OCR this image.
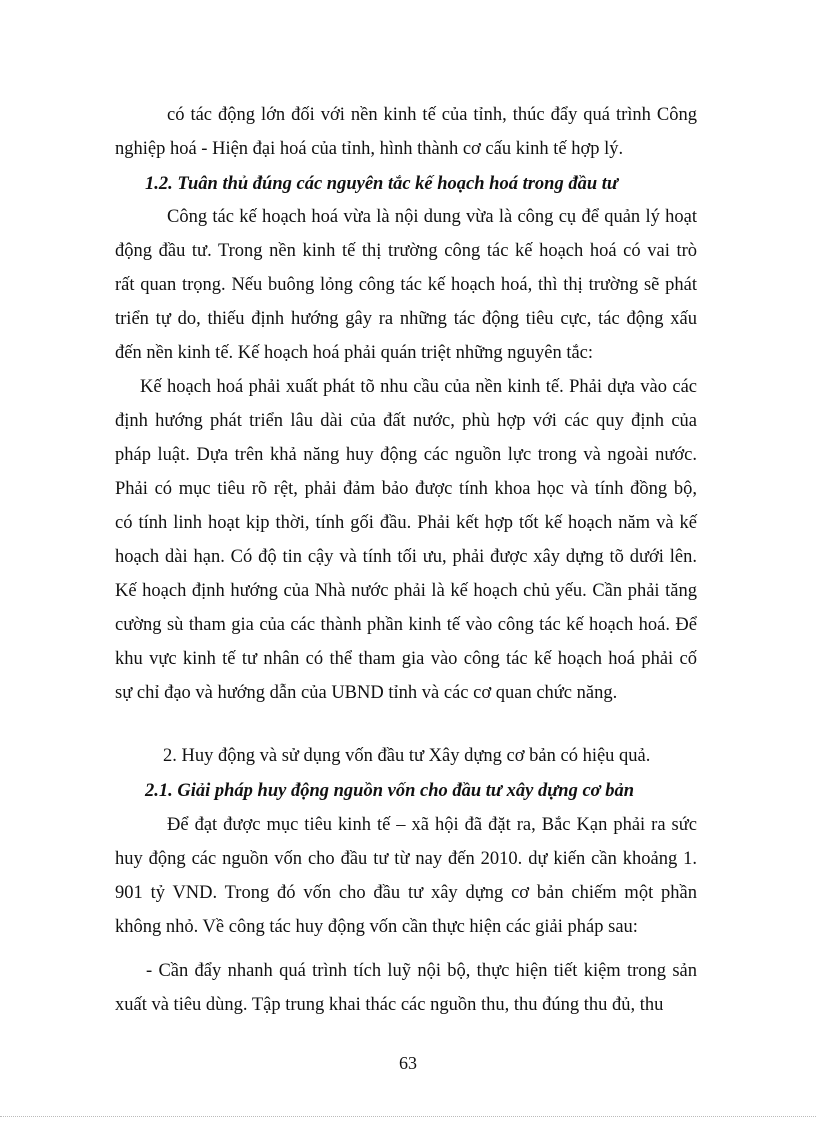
có tác động lớn đối với nền kinh tế của tỉnh, thúc đẩy quá trình Công
nghiệp hoá - Hiện đại hoá của tỉnh, hình thành cơ cấu kinh tế hợp lý.
1.2. Tuân thủ đúng các nguyên tắc kế hoạch hoá trong đầu tư
Công tác kế hoạch hoá vừa là nội dung vừa là công cụ để quản lý hoạt
động đầu tư. Trong nền kinh tế thị trường công tác kế hoạch hoá có vai trò
rất quan trọng. Nếu buông lỏng công tác kế hoạch hoá, thì thị trường sẽ phát
triển tự do, thiếu định hướng gây ra những tác động tiêu cực, tác động xấu
đến nền kinh tế. Kế hoạch hoá phải quán triệt những nguyên tắc:
Kế hoạch hoá phải xuất phát tõ nhu cầu của nền kinh tế. Phải dựa vào các
định hướng phát triển lâu dài của đất nước, phù hợp với các quy định của
pháp luật. Dựa trên khả năng huy động các nguồn lực trong và ngoài nước.
Phải có mục tiêu rõ rệt, phải đảm bảo được tính khoa học và tính đồng bộ,
có tính linh hoạt kịp thời, tính gối đầu. Phải kết hợp tốt kế hoạch năm và kế
hoạch dài hạn. Có độ tin cậy và tính tối ưu, phải được xây dựng tõ dưới lên.
Kế hoạch định hướng của Nhà nước phải là kế hoạch chủ yếu. Cần phải tăng
cường sù tham gia của các thành phần kinh tế vào công tác kế hoạch hoá. Để
khu vực kinh tế tư nhân có thể tham gia vào công tác kế hoạch hoá phải cố
sự chỉ đạo và hướng dẫn của UBND tỉnh và các cơ quan chức năng.
2. Huy động và sử dụng vốn đầu tư Xây dựng cơ bản có hiệu quả.
2.1. Giải pháp huy động nguồn vốn cho đầu tư xây dựng cơ bản
Để đạt được mục tiêu kinh tế – xã hội đã đặt ra, Bắc Kạn phải ra sức
huy động các nguồn vốn cho đầu tư từ nay đến 2010. dự kiến cần khoảng 1.
901 tỷ VND. Trong đó vốn cho đầu tư xây dựng cơ bản chiếm một phần
không nhỏ. Về công tác huy động vốn cần thực hiện các giải pháp sau:
- Cần đẩy nhanh quá trình tích luỹ nội bộ, thực hiện tiết kiệm trong sản
xuất và tiêu dùng. Tập trung khai thác các nguồn thu, thu đúng thu đủ, thu
63
